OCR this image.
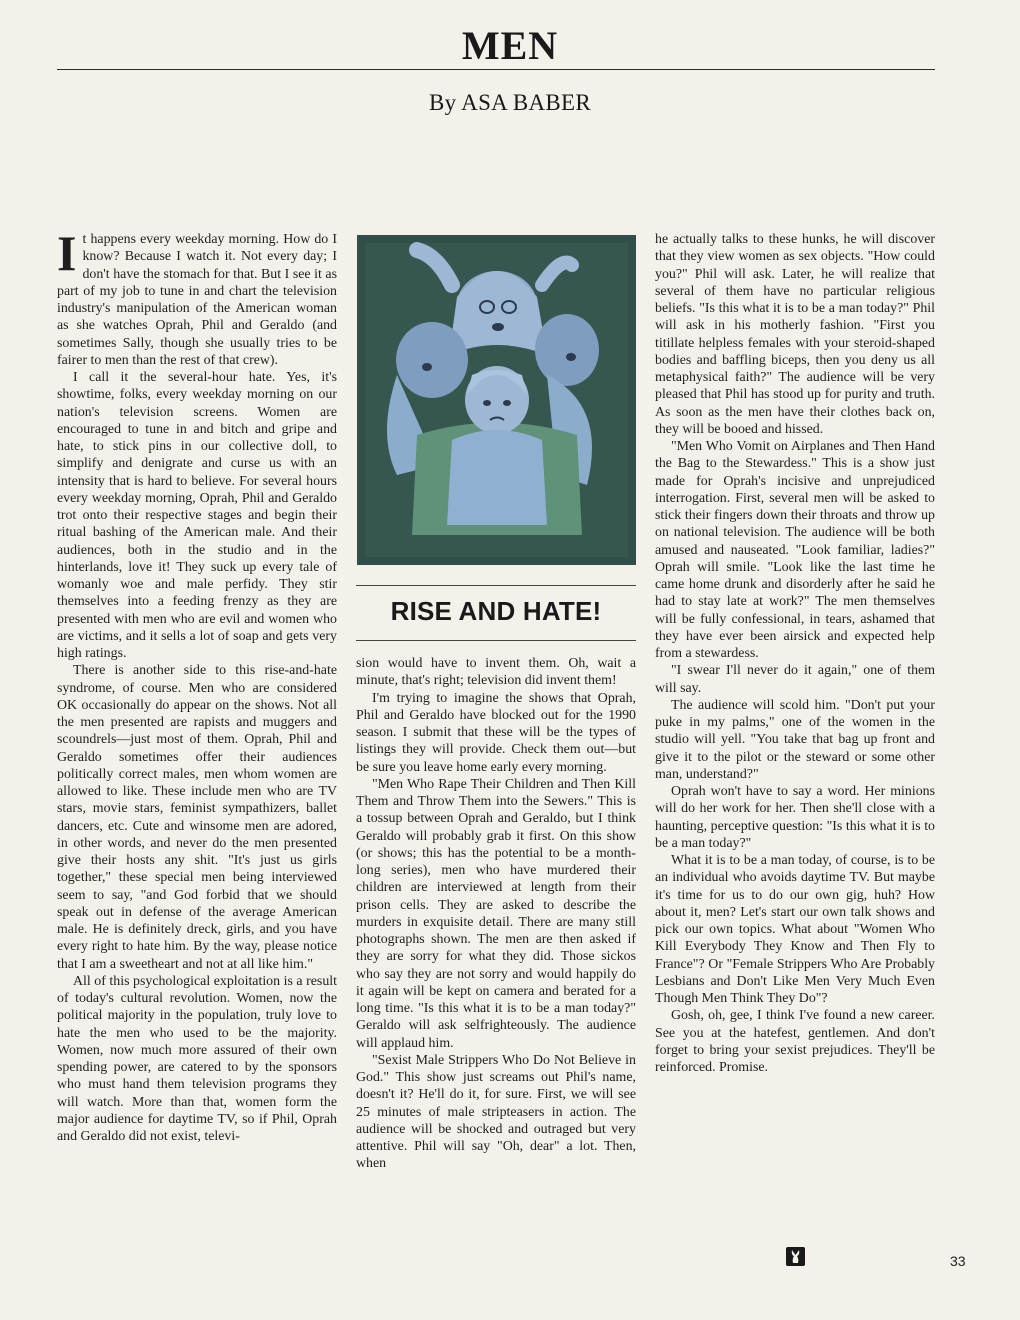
MEN
By ASA BABER

It happens every weekday morning. How do I know? Because I watch it. Not every day; I don't have the stomach for that. But I see it as part of my job to tune in and chart the television industry's manipulation of the American woman as she watches Oprah, Phil and Geraldo (and sometimes Sally, though she usually tries to be fairer to men than the rest of that crew).

I call it the several-hour hate. Yes, it's showtime, folks, every weekday morning on our nation's television screens. Women are encouraged to tune in and bitch and gripe and hate, to stick pins in our collective doll, to simplify and denigrate and curse us with an intensity that is hard to believe. For several hours every weekday morning, Oprah, Phil and Geraldo trot onto their respective stages and begin their ritual bashing of the American male. And their audiences, both in the studio and in the hinterlands, love it! They suck up every tale of womanly woe and male perfidy. They stir themselves into a feeding frenzy as they are presented with men who are evil and women who are victims, and it sells a lot of soap and gets very high ratings.

There is another side to this rise-and-hate syndrome, of course. Men who are considered OK occasionally do appear on the shows. Not all the men presented are rapists and muggers and scoundrels—just most of them. Oprah, Phil and Geraldo sometimes offer their audiences politically correct males, men whom women are allowed to like. These include men who are TV stars, movie stars, feminist sympathizers, ballet dancers, etc. Cute and winsome men are adored, in other words, and never do the men presented give their hosts any shit. "It's just us girls together," these special men being interviewed seem to say, "and God forbid that we should speak out in defense of the average American male. He is definitely dreck, girls, and you have every right to hate him. By the way, please notice that I am a sweetheart and not at all like him."

All of this psychological exploitation is a result of today's cultural revolution. Women, now the political majority in the population, truly love to hate the men who used to be the majority. Women, now much more assured of their own spending power, are catered to by the sponsors who must hand them television programs they will watch. More than that, women form the major audience for daytime TV, so if Phil, Oprah and Geraldo did not exist, televi-

RISE AND HATE!

sion would have to invent them. Oh, wait a minute, that's right; television did invent them!

I'm trying to imagine the shows that Oprah, Phil and Geraldo have blocked out for the 1990 season. I submit that these will be the types of listings they will provide. Check them out—but be sure you leave home early every morning.

"Men Who Rape Their Children and Then Kill Them and Throw Them into the Sewers." This is a tossup between Oprah and Geraldo, but I think Geraldo will probably grab it first. On this show (or shows; this has the potential to be a month-long series), men who have murdered their children are interviewed at length from their prison cells. They are asked to describe the murders in exquisite detail. There are many still photographs shown. The men are then asked if they are sorry for what they did. Those sickos who say they are not sorry and would happily do it again will be kept on camera and berated for a long time. "Is this what it is to be a man today?" Geraldo will ask selfrighteously. The audience will applaud him.

"Sexist Male Strippers Who Do Not Believe in God." This show just screams out Phil's name, doesn't it? He'll do it, for sure. First, we will see 25 minutes of male stripteasers in action. The audience will be shocked and outraged but very attentive. Phil will say "Oh, dear" a lot. Then, when

he actually talks to these hunks, he will discover that they view women as sex objects. "How could you?" Phil will ask. Later, he will realize that several of them have no particular religious beliefs. "Is this what it is to be a man today?" Phil will ask in his motherly fashion. "First you titillate helpless females with your steroid-shaped bodies and baffling biceps, then you deny us all metaphysical faith?" The audience will be very pleased that Phil has stood up for purity and truth. As soon as the men have their clothes back on, they will be booed and hissed.

"Men Who Vomit on Airplanes and Then Hand the Bag to the Stewardess." This is a show just made for Oprah's incisive and unprejudiced interrogation. First, several men will be asked to stick their fingers down their throats and throw up on national television. The audience will be both amused and nauseated. "Look familiar, ladies?" Oprah will smile. "Look like the last time he came home drunk and disorderly after he said he had to stay late at work?" The men themselves will be fully confessional, in tears, ashamed that they have ever been airsick and expected help from a stewardess.

"I swear I'll never do it again," one of them will say.

The audience will scold him. "Don't put your puke in my palms," one of the women in the studio will yell. "You take that bag up front and give it to the pilot or the steward or some other man, understand?"

Oprah won't have to say a word. Her minions will do her work for her. Then she'll close with a haunting, perceptive question: "Is this what it is to be a man today?"

What it is to be a man today, of course, is to be an individual who avoids daytime TV. But maybe it's time for us to do our own gig, huh? How about it, men? Let's start our own talk shows and pick our own topics. What about "Women Who Kill Everybody They Know and Then Fly to France"? Or "Female Strippers Who Are Probably Lesbians and Don't Like Men Very Much Even Though Men Think They Do"?

Gosh, oh, gee, I think I've found a new career. See you at the hatefest, gentlemen. And don't forget to bring your sexist prejudices. They'll be reinforced. Promise.

33
